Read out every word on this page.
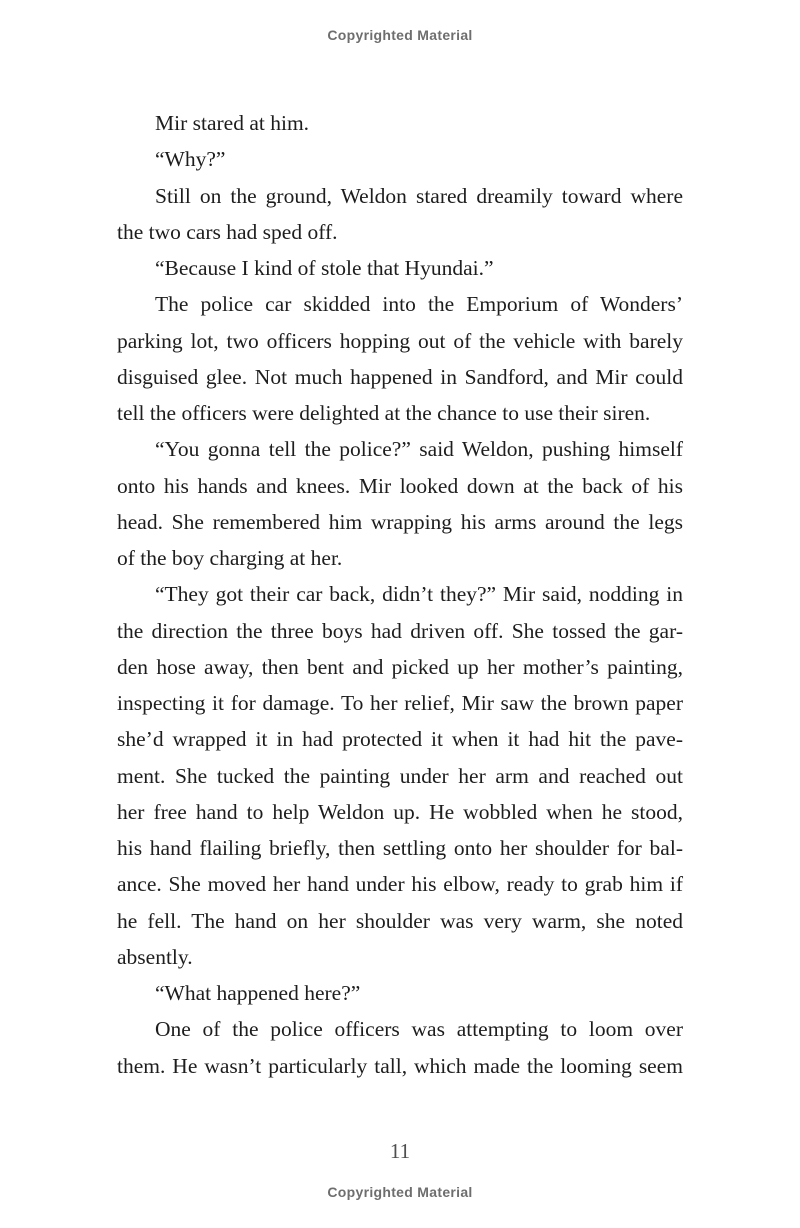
Copyrighted Material
Mir stared at him.
“Why?”
Still on the ground, Weldon stared dreamily toward where
the two cars had sped off.
“Because I kind of stole that Hyundai.”
The police car skidded into the Emporium of Wonders’
parking lot, two officers hopping out of the vehicle with barely
disguised glee. Not much happened in Sandford, and Mir could
tell the officers were delighted at the chance to use their siren.
“You gonna tell the police?” said Weldon, pushing himself
onto his hands and knees. Mir looked down at the back of his
head. She remembered him wrapping his arms around the legs
of the boy charging at her.
“They got their car back, didn’t they?” Mir said, nodding in
the direction the three boys had driven off. She tossed the gar-
den hose away, then bent and picked up her mother’s painting,
inspecting it for damage. To her relief, Mir saw the brown paper
she’d wrapped it in had protected it when it had hit the pave-
ment. She tucked the painting under her arm and reached out
her free hand to help Weldon up. He wobbled when he stood,
his hand flailing briefly, then settling onto her shoulder for bal-
ance. She moved her hand under his elbow, ready to grab him if
he fell. The hand on her shoulder was very warm, she noted
absently.
“What happened here?”
One of the police officers was attempting to loom over
them. He wasn’t particularly tall, which made the looming seem
11
Copyrighted Material
